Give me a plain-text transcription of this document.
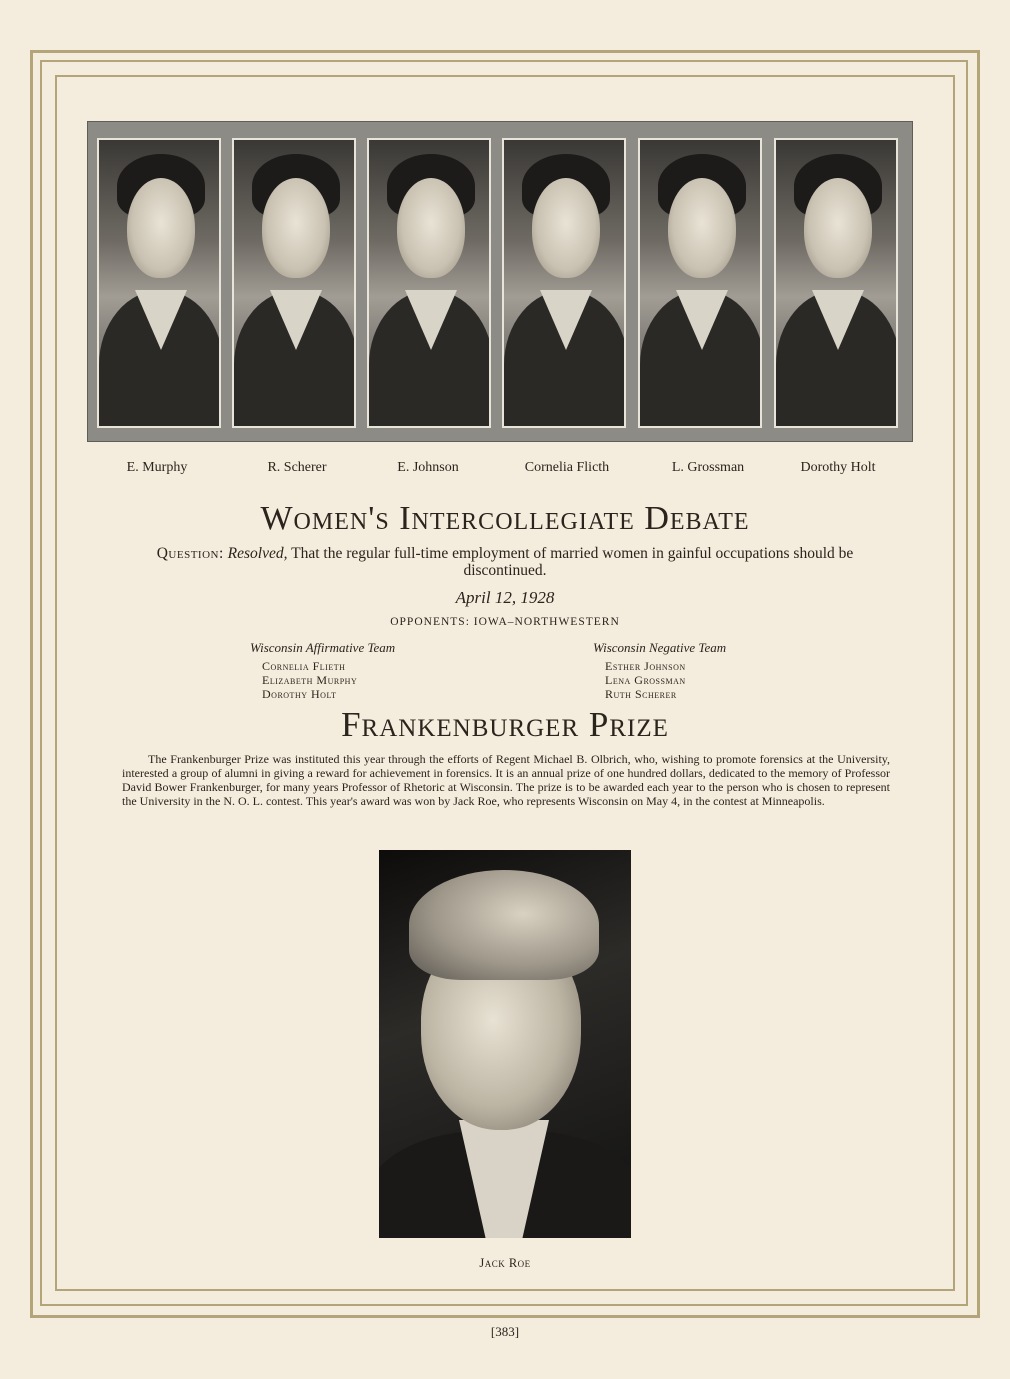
E. Murphy	R. Scherer	E. Johnson	Cornelia Flicth	L. Grossman	Dorothy Holt
Women's Intercollegiate Debate
Question: Resolved, That the regular full-time employment of married women in gainful occupations should be discontinued.
April 12, 1928
OPPONENTS: IOWA–NORTHWESTERN
Wisconsin Affirmative Team
Cornelia Flieth
Elizabeth Murphy
Dorothy Holt
Wisconsin Negative Team
Esther Johnson
Lena Grossman
Ruth Scherer
Frankenburger Prize
The Frankenburger Prize was instituted this year through the efforts of Regent Michael B. Olbrich, who, wishing to promote forensics at the University, interested a group of alumni in giving a reward for achievement in forensics. It is an annual prize of one hundred dollars, dedicated to the memory of Professor David Bower Frankenburger, for many years Professor of Rhetoric at Wisconsin. The prize is to be awarded each year to the person who is chosen to represent the University in the N. O. L. contest. This year's award was won by Jack Roe, who represents Wisconsin on May 4, in the contest at Minneapolis.
Jack Roe
[383]
